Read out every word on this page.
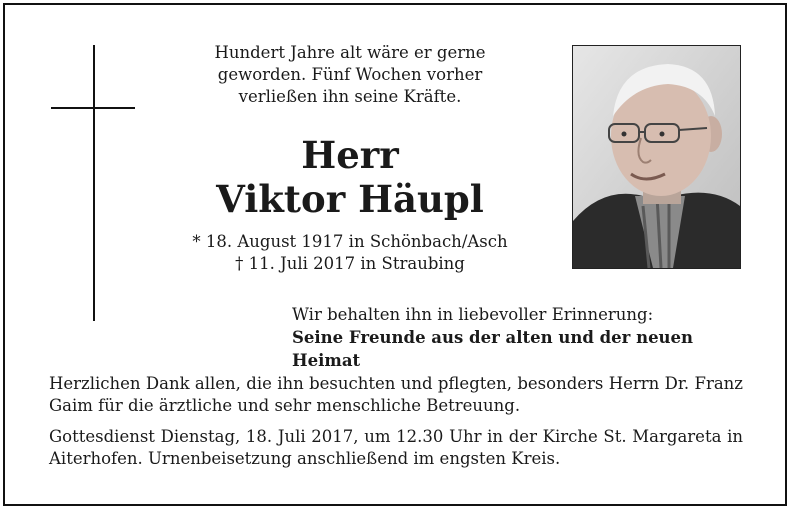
Hundert Jahre alt wäre er gerne
geworden. Fünf Wochen vorher
verließen ihn seine Kräfte.
Herr
Viktor Häupl
* 18. August 1917 in Schönbach/Asch
† 11. Juli 2017 in Straubing
Wir behalten ihn in liebevoller Erinnerung:
Seine Freunde aus der alten und der neuen Heimat
Herzlichen Dank allen, die ihn besuchten und pflegten, besonders Herrn Dr. Franz Gaim für die ärztliche und sehr menschliche Betreuung.
Gottesdienst Dienstag, 18. Juli 2017, um 12.30 Uhr in der Kirche St. Margareta in Aiterhofen. Urnenbeisetzung anschließend im engsten Kreis.
